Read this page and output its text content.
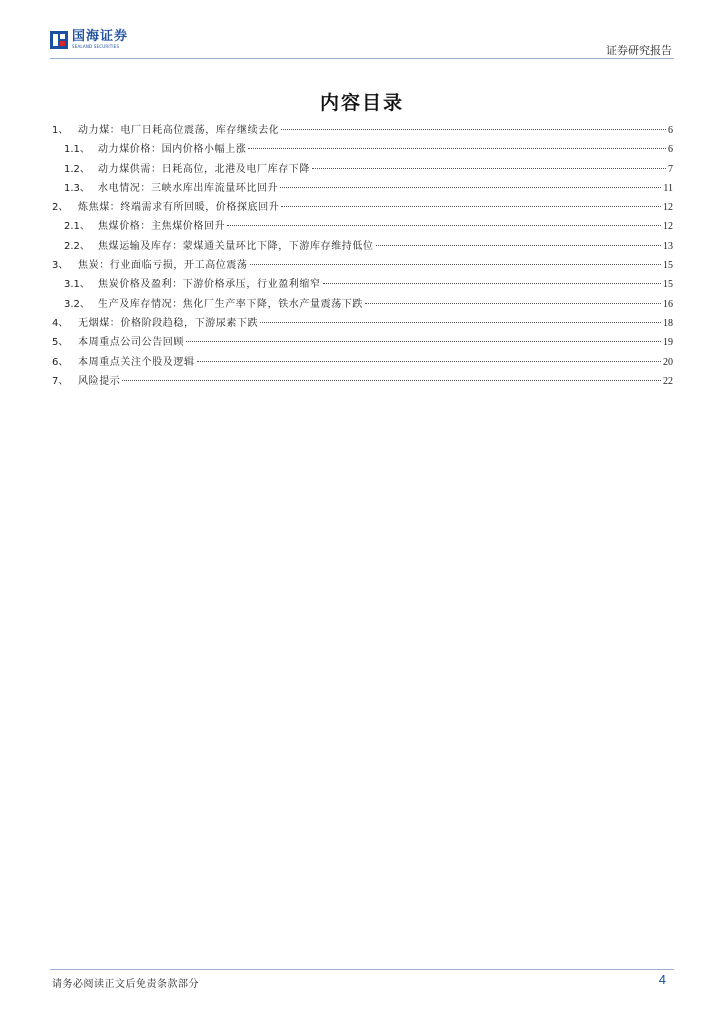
国海证券
SEALAND SECURITIES	证券研究报告
内容目录
1、 动力煤：电厂日耗高位震荡，库存继续去化	6
1.1、 动力煤价格：国内价格小幅上涨	6
1.2、 动力煤供需：日耗高位，北港及电厂库存下降	7
1.3、 水电情况：三峡水库出库流量环比回升	11
2、 炼焦煤：终端需求有所回暖，价格探底回升	12
2.1、 焦煤价格：主焦煤价格回升	12
2.2、 焦煤运输及库存：蒙煤通关量环比下降，下游库存维持低位	13
3、 焦炭：行业面临亏损，开工高位震荡	15
3.1、 焦炭价格及盈利：下游价格承压，行业盈利缩窄	15
3.2、 生产及库存情况：焦化厂生产率下降，铁水产量震荡下跌	16
4、 无烟煤：价格阶段趋稳，下游尿素下跌	18
5、 本周重点公司公告回顾	19
6、 本周重点关注个股及逻辑	20
7、 风险提示	22
请务必阅读正文后免责条款部分	4
